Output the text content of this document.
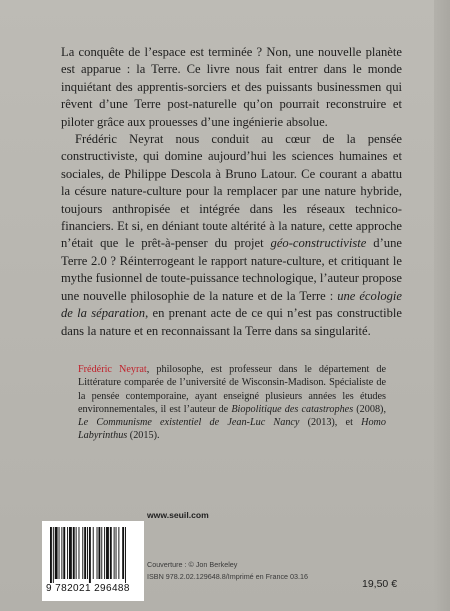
La conquête de l’espace est terminée ? Non, une nouvelle planète est apparue : la Terre. Ce livre nous fait entrer dans le monde inquiétant des apprentis-sorciers et des puissants businessmen qui rêvent d’une Terre post-naturelle qu’on pourrait reconstruire et piloter grâce aux prouesses d’une ingénierie absolue.

Frédéric Neyrat nous conduit au cœur de la pensée constructiviste, qui domine aujourd’hui les sciences humaines et sociales, de Philippe Descola à Bruno Latour. Ce courant a abattu la césure nature-culture pour la remplacer par une nature hybride, toujours anthropisée et intégrée dans les réseaux technico-financiers. Et si, en déniant toute altérité à la nature, cette approche n’était que le prêt-à-penser du projet géo-constructiviste d’une Terre 2.0 ? Réinterrogeant le rapport nature-culture, et critiquant le mythe fusionnel de toute-puissance technologique, l’auteur propose une nouvelle philosophie de la nature et de la Terre : une écologie de la séparation, en prenant acte de ce qui n’est pas constructible dans la nature et en reconnaissant la Terre dans sa singularité.

Frédéric Neyrat, philosophe, est professeur dans le département de Littérature comparée de l’université de Wisconsin-Madison. Spécialiste de la pensée contemporaine, ayant enseigné plusieurs années les études environnementales, il est l’auteur de Biopolitique des catastrophes (2008), Le Communisme existentiel de Jean-Luc Nancy (2013), et Homo Labyrinthus (2015).
www.seuil.com
9 782021 296488
Couverture : © Jon Berkeley
ISBN 978.2.02.129648.8/Imprimé en France 03.16
19,50 €
